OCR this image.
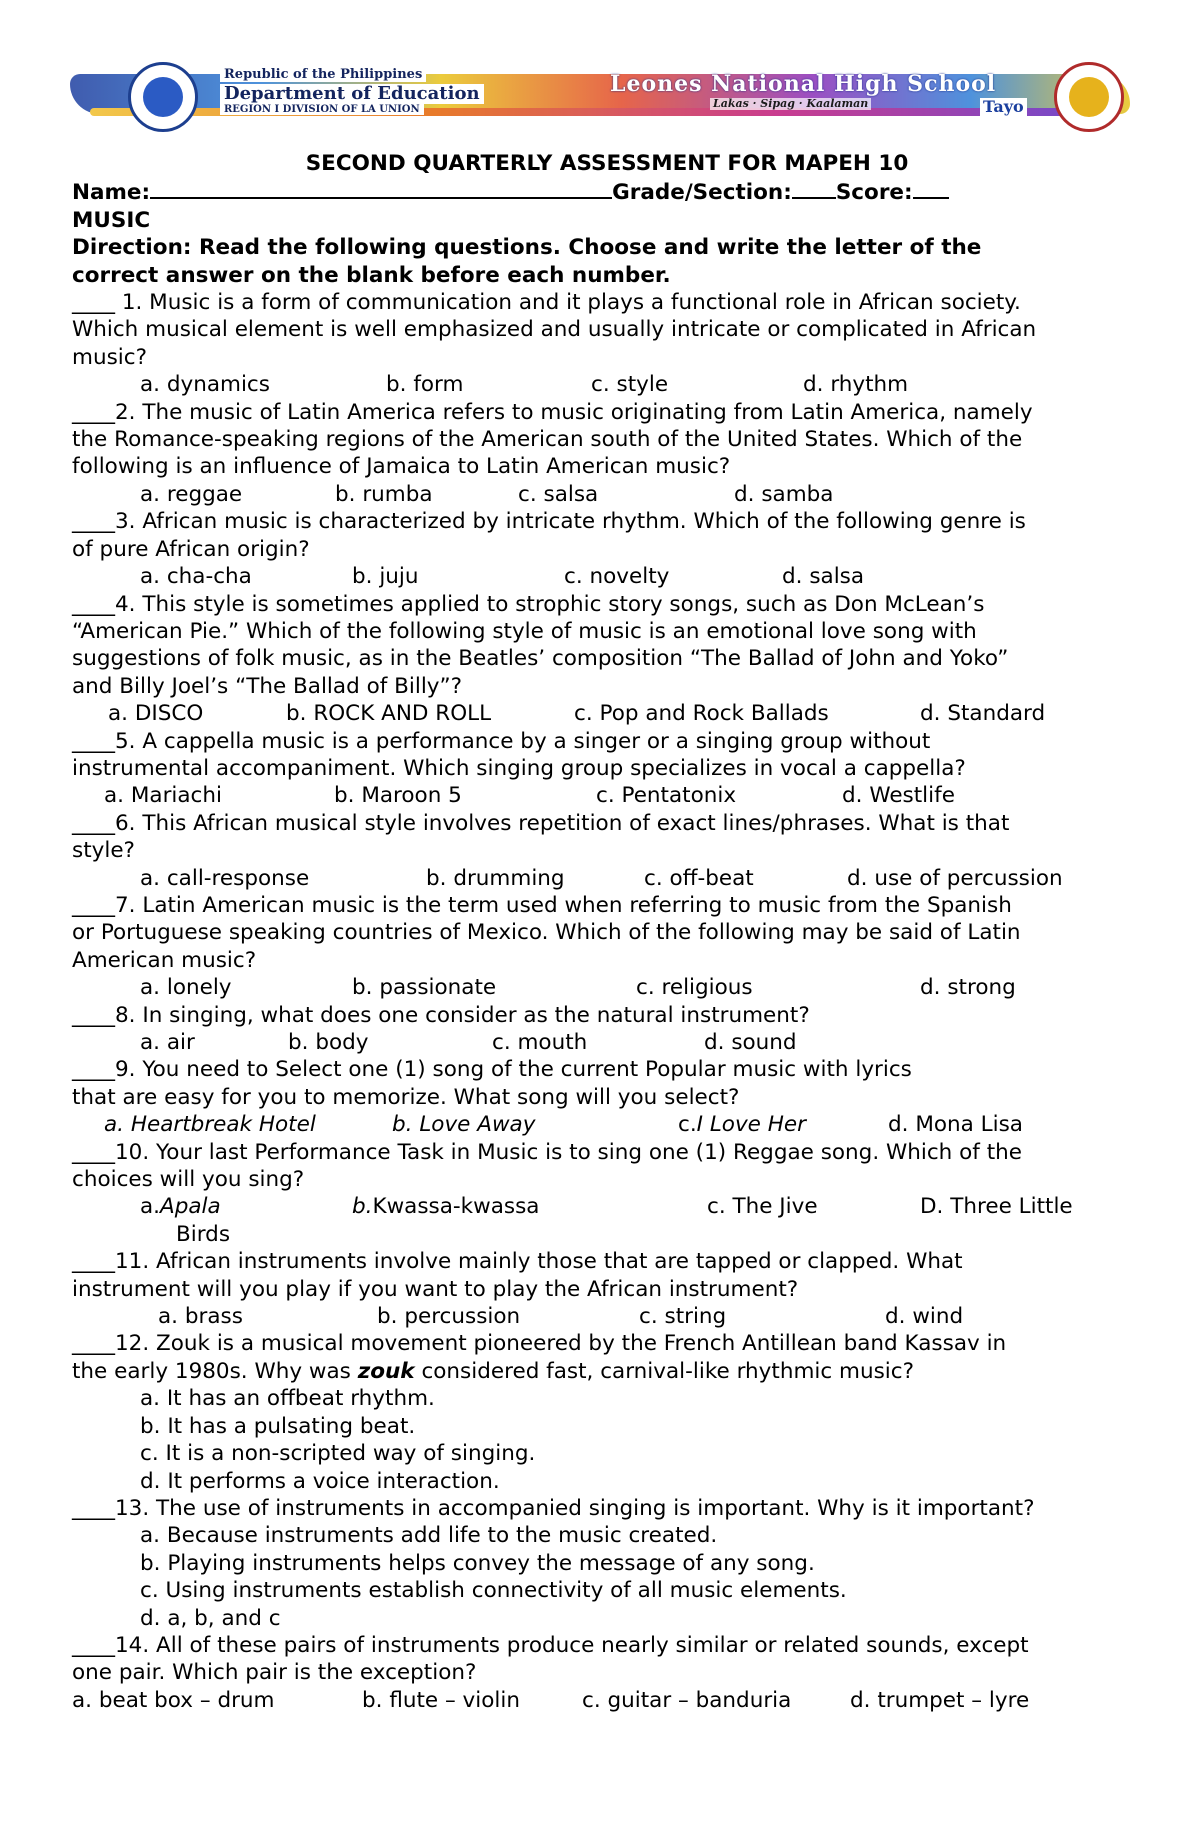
Republic of the Philippines
Department of Education
REGION I DIVISION OF LA UNION
Leones National High School
Lakas · Sipag · Kaalaman	Tayo
SECOND QUARTERLY ASSESSMENT FOR MAPEH 10
Name:	Grade/Section: Score:
MUSIC
Direction: Read the following questions. Choose and write the letter of the
correct answer on the blank before each number.
____ 1. Music is a form of communication and it plays a functional role in African society.
Which musical element is well emphasized and usually intricate or complicated in African
music?
a. dynamics	b. form	c. style	d. rhythm
____2. The music of Latin America refers to music originating from Latin America, namely
the Romance-speaking regions of the American south of the United States. Which of the
following is an influence of Jamaica to Latin American music?
a. reggae	b. rumba	c. salsa	d. samba
____3. African music is characterized by intricate rhythm. Which of the following genre is
of pure African origin?
a. cha-cha	b. juju	c. novelty	d. salsa
____4. This style is sometimes applied to strophic story songs, such as Don McLean’s
“American Pie.” Which of the following style of music is an emotional love song with
suggestions of folk music, as in the Beatles’ composition “The Ballad of John and Yoko”
and Billy Joel’s “The Ballad of Billy”?
a. DISCO	b. ROCK AND ROLL	c. Pop and Rock Ballads	d. Standard
____5. A cappella music is a performance by a singer or a singing group without
instrumental accompaniment. Which singing group specializes in vocal a cappella?
a. Mariachi	b. Maroon 5	c. Pentatonix	d. Westlife
____6. This African musical style involves repetition of exact lines/phrases. What is that
style?
a. call-response	b. drumming	c. off-beat	d. use of percussion
____7. Latin American music is the term used when referring to music from the Spanish
or Portuguese speaking countries of Mexico. Which of the following may be said of Latin
American music?
a. lonely	b. passionate	c. religious	d. strong
____8. In singing, what does one consider as the natural instrument?
a. air	b. body	c. mouth	d. sound
____9. You need to Select one (1) song of the current Popular music with lyrics
that are easy for you to memorize. What song will you select?
a. Heartbreak Hotel	b. Love Away	c.I Love Her	d. Mona Lisa
____10. Your last Performance Task in Music is to sing one (1) Reggae song. Which of the
choices will you sing?
a.Apala	b.Kwassa-kwassa	c. The Jive	D. Three Little
Birds
____11. African instruments involve mainly those that are tapped or clapped. What
instrument will you play if you want to play the African instrument?
a. brass	b. percussion	c. string	d. wind
____12. Zouk is a musical movement pioneered by the French Antillean band Kassav in
the early 1980s. Why was zouk considered fast, carnival-like rhythmic music?
a. It has an offbeat rhythm.
b. It has a pulsating beat.
c. It is a non-scripted way of singing.
d. It performs a voice interaction.
____13. The use of instruments in accompanied singing is important. Why is it important?
a. Because instruments add life to the music created.
b. Playing instruments helps convey the message of any song.
c. Using instruments establish connectivity of all music elements.
d. a, b, and c
____14. All of these pairs of instruments produce nearly similar or related sounds, except
one pair. Which pair is the exception?
a. beat box – drum	b. flute – violin	c. guitar – banduria	d. trumpet – lyre
